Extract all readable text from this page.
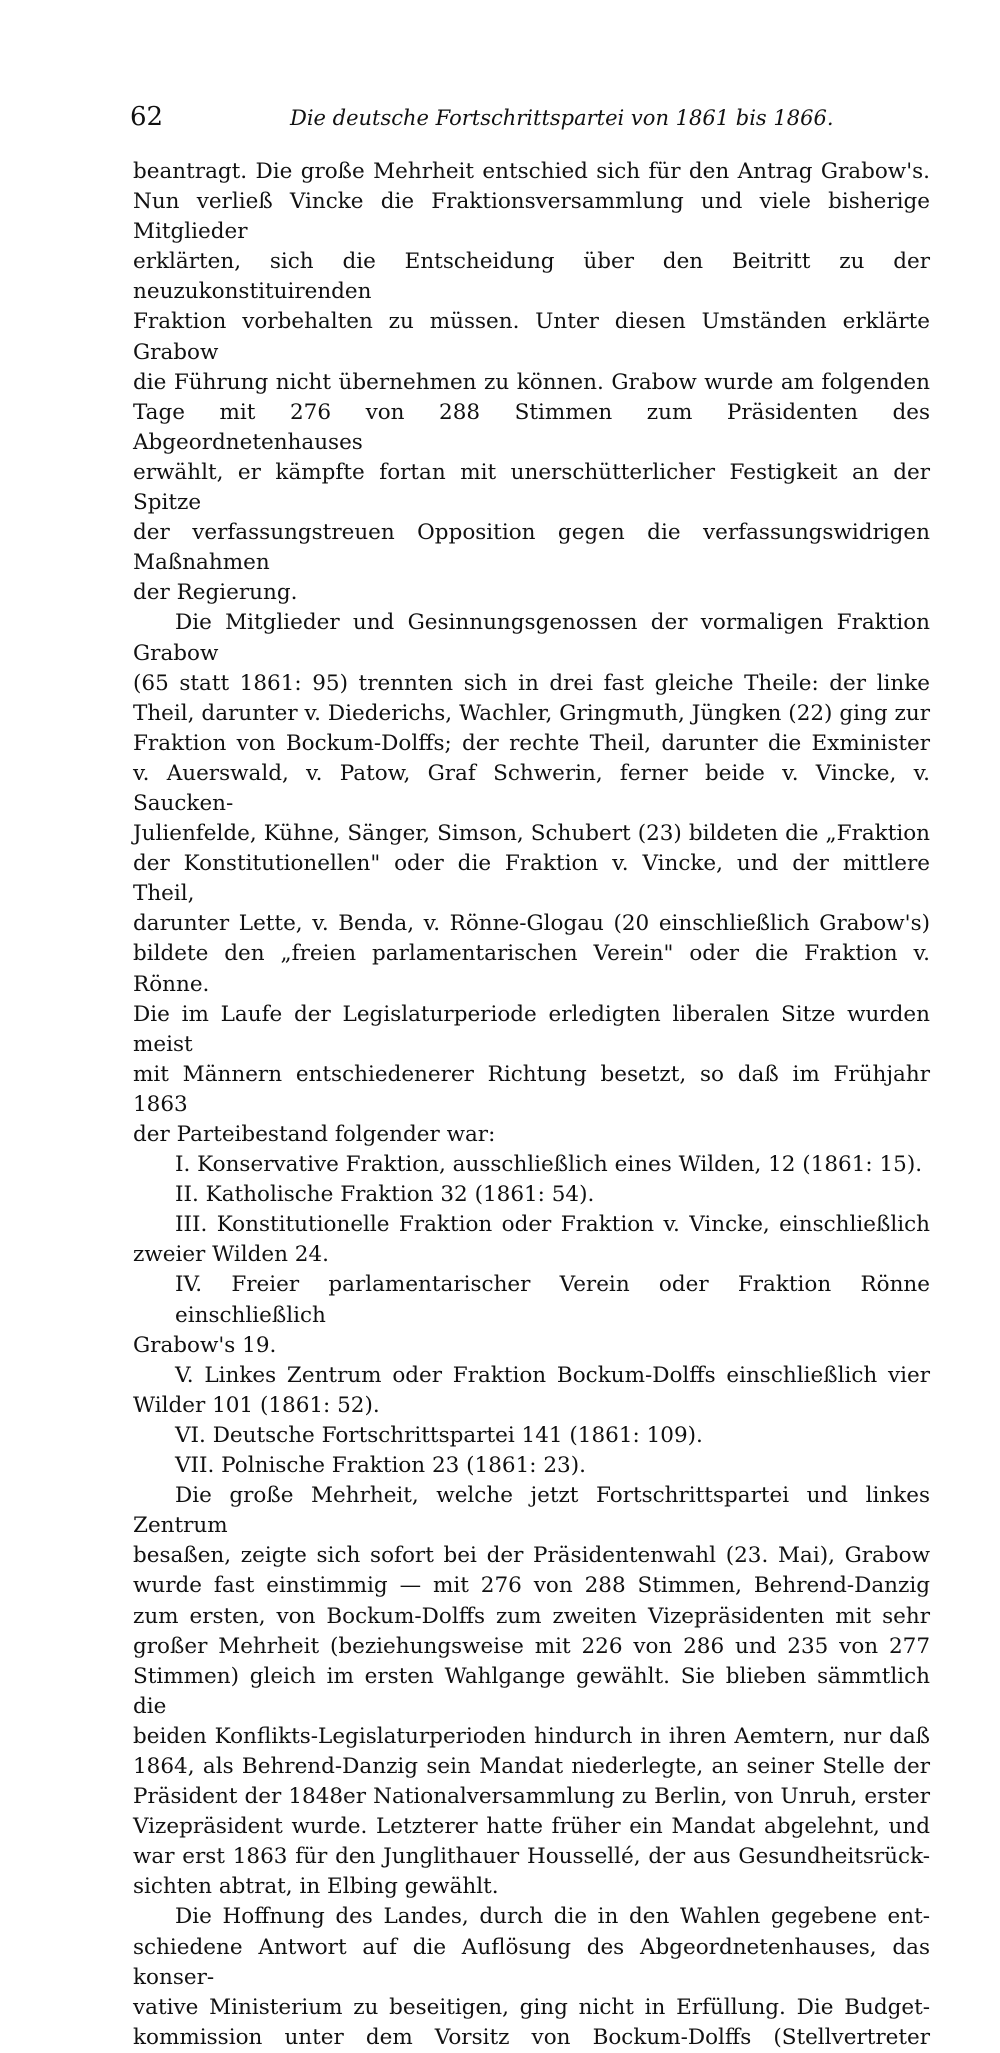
62	Die deutsche Fortschrittspartei von 1861 bis 1866.
beantragt. Die große Mehrheit entschied sich für den Antrag Grabow's.
Nun verließ Vincke die Fraktionsversammlung und viele bisherige Mitglieder
erklärten, sich die Entscheidung über den Beitritt zu der neuzukonstituirenden
Fraktion vorbehalten zu müssen. Unter diesen Umständen erklärte Grabow
die Führung nicht übernehmen zu können. Grabow wurde am folgenden
Tage mit 276 von 288 Stimmen zum Präsidenten des Abgeordnetenhauses
erwählt, er kämpfte fortan mit unerschütterlicher Festigkeit an der Spitze
der verfassungstreuen Opposition gegen die verfassungswidrigen Maßnahmen
der Regierung.
Die Mitglieder und Gesinnungsgenossen der vormaligen Fraktion Grabow
(65 statt 1861: 95) trennten sich in drei fast gleiche Theile: der linke
Theil, darunter v. Diederichs, Wachler, Gringmuth, Jüngken (22) ging zur
Fraktion von Bockum-Dolffs; der rechte Theil, darunter die Exminister
v. Auerswald, v. Patow, Graf Schwerin, ferner beide v. Vincke, v. Saucken-
Julienfelde, Kühne, Sänger, Simson, Schubert (23) bildeten die „Fraktion
der Konstitutionellen" oder die Fraktion v. Vincke, und der mittlere Theil,
darunter Lette, v. Benda, v. Rönne-Glogau (20 einschließlich Grabow's)
bildete den „freien parlamentarischen Verein" oder die Fraktion v. Rönne.
Die im Laufe der Legislaturperiode erledigten liberalen Sitze wurden meist
mit Männern entschiedenerer Richtung besetzt, so daß im Frühjahr 1863
der Parteibestand folgender war:
I. Konservative Fraktion, ausschließlich eines Wilden, 12 (1861: 15).
II. Katholische Fraktion 32 (1861: 54).
III. Konstitutionelle Fraktion oder Fraktion v. Vincke, einschließlich
zweier Wilden 24.
IV. Freier parlamentarischer Verein oder Fraktion Rönne einschließlich
Grabow's 19.
V. Linkes Zentrum oder Fraktion Bockum-Dolffs einschließlich vier
Wilder 101 (1861: 52).
VI. Deutsche Fortschrittspartei 141 (1861: 109).
VII. Polnische Fraktion 23 (1861: 23).
Die große Mehrheit, welche jetzt Fortschrittspartei und linkes Zentrum
besaßen, zeigte sich sofort bei der Präsidentenwahl (23. Mai), Grabow
wurde fast einstimmig — mit 276 von 288 Stimmen, Behrend-Danzig
zum ersten, von Bockum-Dolffs zum zweiten Vizepräsidenten mit sehr
großer Mehrheit (beziehungsweise mit 226 von 286 und 235 von 277
Stimmen) gleich im ersten Wahlgange gewählt. Sie blieben sämmtlich die
beiden Konflikts-Legislaturperioden hindurch in ihren Aemtern, nur daß
1864, als Behrend-Danzig sein Mandat niederlegte, an seiner Stelle der
Präsident der 1848er Nationalversammlung zu Berlin, von Unruh, erster
Vizepräsident wurde. Letzterer hatte früher ein Mandat abgelehnt, und
war erst 1863 für den Junglithauer Houssellé, der aus Gesundheitsrück-
sichten abtrat, in Elbing gewählt.
Die Hoffnung des Landes, durch die in den Wahlen gegebene ent-
schiedene Antwort auf die Auflösung des Abgeordnetenhauses, das konser-
vative Ministerium zu beseitigen, ging nicht in Erfüllung. Die Budget-
kommission unter dem Vorsitz von Bockum-Dolffs (Stellvertreter
